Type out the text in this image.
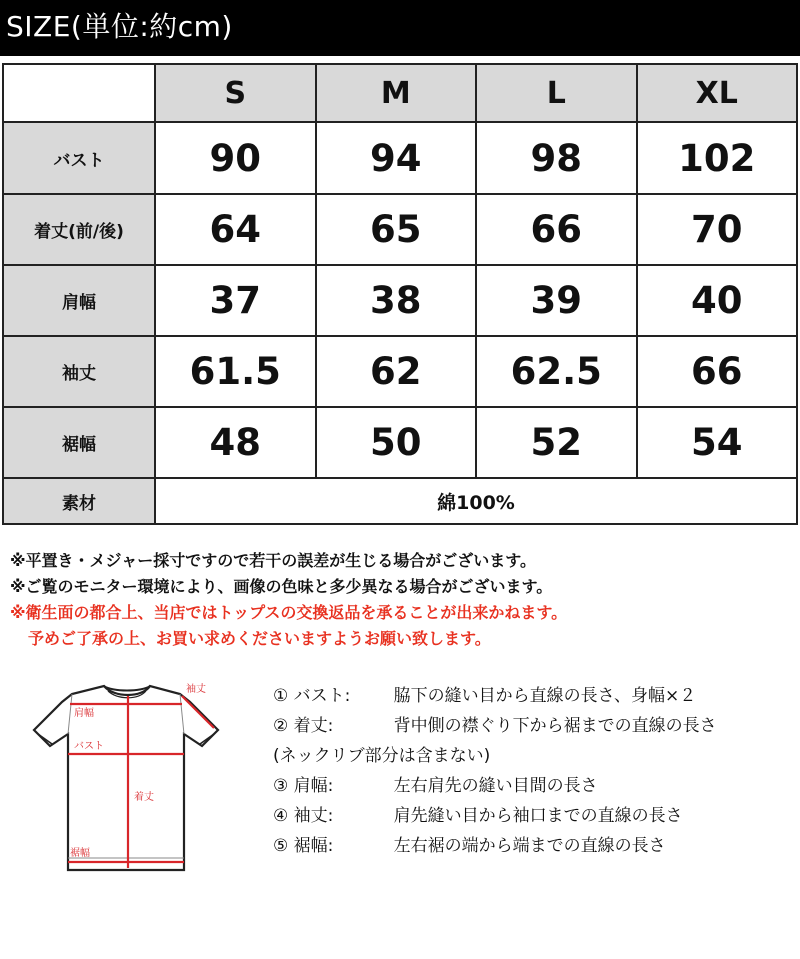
SIZE(単位:約cm)
	S	M	L	XL
バスト	90	94	98	102
着丈(前/後)	64	65	66	70
肩幅	37	38	39	40
袖丈	61.5	62	62.5	66
裾幅	48	50	52	54
素材	綿100%			
※平置き・メジャー採寸ですので若干の誤差が生じる場合がございます。
※ご覧のモニター環境により、画像の色味と多少異なる場合がございます。
※衛生面の都合上、当店ではトップスの交換返品を承ることが出来かねます。
予めご了承の上、お買い求めくださいますようお願い致します。
袖丈
肩幅
バスト
着丈
裾幅
① バスト:	脇下の縫い目から直線の長さ、身幅×２
② 着丈:	背中側の襟ぐり下から裾までの直線の長さ
(ネックリブ部分は含まない)
③ 肩幅:	左右肩先の縫い目間の長さ
④ 袖丈:	肩先縫い目から袖口までの直線の長さ
⑤ 裾幅:	左右裾の端から端までの直線の長さ
